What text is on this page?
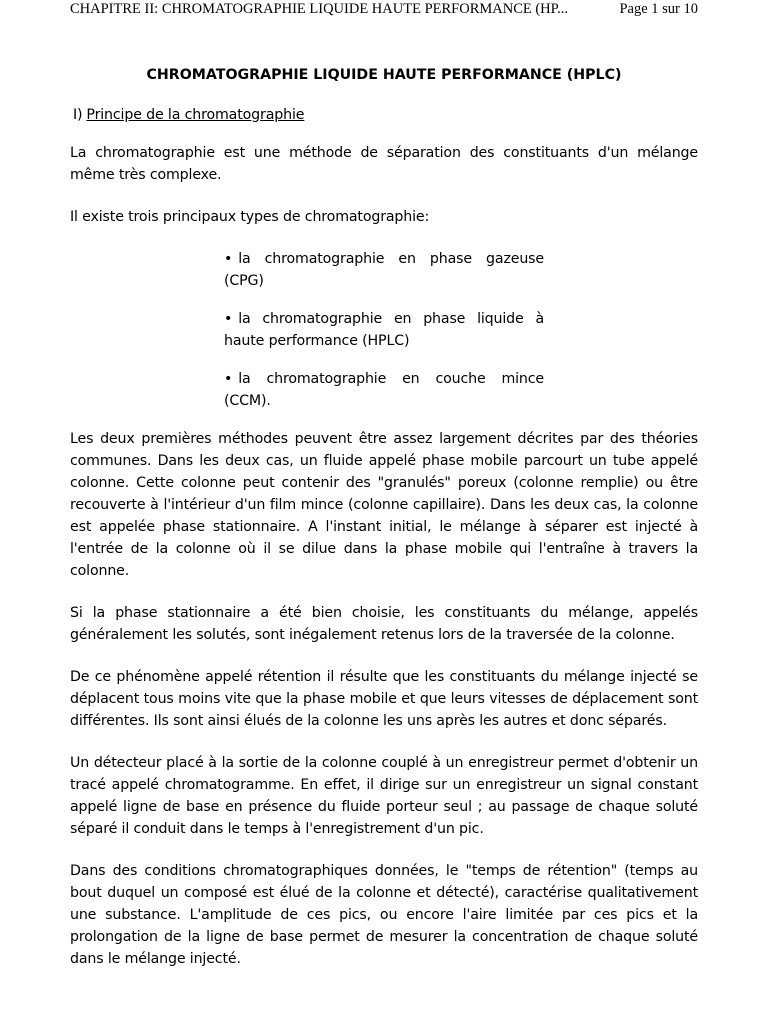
CHAPITRE II: CHROMATOGRAPHIE LIQUIDE HAUTE PERFORMANCE (HP...	Page 1 sur 10
CHROMATOGRAPHIE LIQUIDE HAUTE PERFORMANCE (HPLC)
I) Principe de la chromatographie

La chromatographie est une méthode de séparation des constituants d'un mélange même très complexe.

Il existe trois principaux types de chromatographie:

• la chromatographie en phase gazeuse (CPG)
• la chromatographie en phase liquide à haute performance (HPLC)
• la chromatographie en couche mince (CCM).

Les deux premières méthodes peuvent être assez largement décrites par des théories communes. Dans les deux cas, un fluide appelé phase mobile parcourt un tube appelé colonne. Cette colonne peut contenir des "granulés" poreux (colonne remplie) ou être recouverte à l'intérieur d'un film mince (colonne capillaire). Dans les deux cas, la colonne est appelée phase stationnaire. A l'instant initial, le mélange à séparer est injecté à l'entrée de la colonne où il se dilue dans la phase mobile qui l'entraîne à travers la colonne.

Si la phase stationnaire a été bien choisie, les constituants du mélange, appelés généralement les solutés, sont inégalement retenus lors de la traversée de la colonne.

De ce phénomène appelé rétention il résulte que les constituants du mélange injecté se déplacent tous moins vite que la phase mobile et que leurs vitesses de déplacement sont différentes. Ils sont ainsi élués de la colonne les uns après les autres et donc séparés.

Un détecteur placé à la sortie de la colonne couplé à un enregistreur permet d'obtenir un tracé appelé chromatogramme. En effet, il dirige sur un enregistreur un signal constant appelé ligne de base en présence du fluide porteur seul ; au passage de chaque soluté séparé il conduit dans le temps à l'enregistrement d'un pic.

Dans des conditions chromatographiques données, le "temps de rétention" (temps au bout duquel un composé est élué de la colonne et détecté), caractérise qualitativement une substance. L'amplitude de ces pics, ou encore l'aire limitée par ces pics et la prolongation de la ligne de base permet de mesurer la concentration de chaque soluté dans le mélange injecté.
